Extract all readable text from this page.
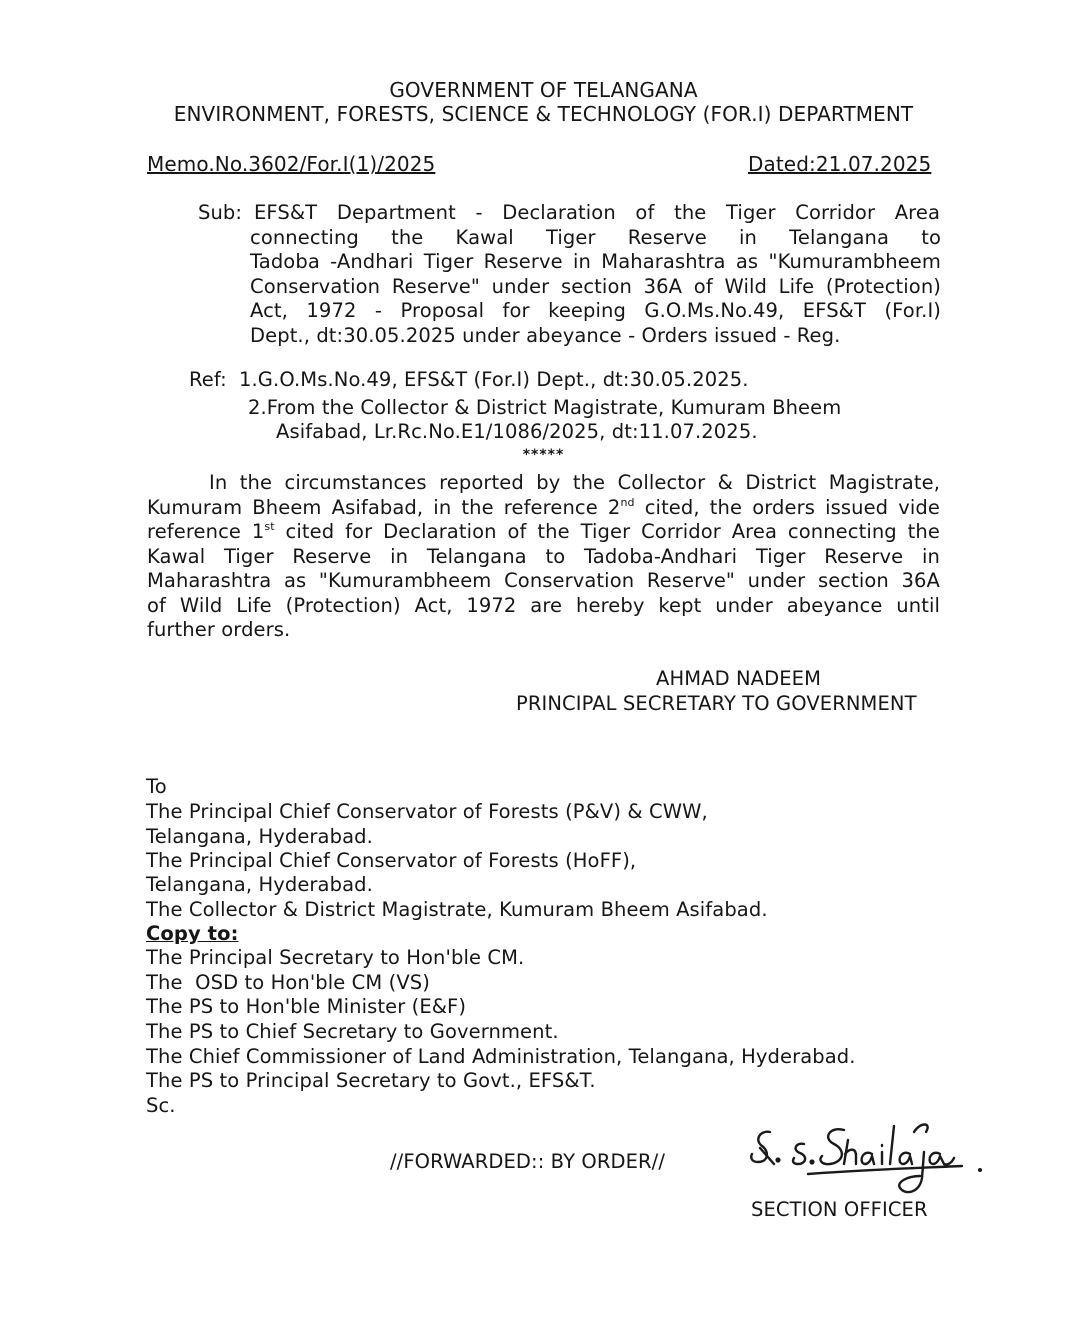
GOVERNMENT OF TELANGANA
ENVIRONMENT, FORESTS, SCIENCE & TECHNOLOGY (FOR.I) DEPARTMENT
Memo.No.3602/For.I(1)/2025	Dated:21.07.2025
Sub: EFS&T Department - Declaration of the Tiger Corridor Area
connecting the Kawal Tiger Reserve in Telangana to
Tadoba -Andhari Tiger Reserve in Maharashtra as "Kumurambheem
Conservation Reserve" under section 36A of Wild Life (Protection)
Act, 1972 - Proposal for keeping G.O.Ms.No.49, EFS&T (For.I)
Dept., dt:30.05.2025 under abeyance - Orders issued - Reg.
Ref: 1.G.O.Ms.No.49, EFS&T (For.I) Dept., dt:30.05.2025.
2.From the Collector & District Magistrate, Kumuram Bheem
Asifabad, Lr.Rc.No.E1/1086/2025, dt:11.07.2025.
*****
In the circumstances reported by the Collector & District Magistrate,
Kumuram Bheem Asifabad, in the reference 2nd cited, the orders issued vide
reference 1st cited for Declaration of the Tiger Corridor Area connecting the
Kawal Tiger Reserve in Telangana to Tadoba-Andhari Tiger Reserve in
Maharashtra as "Kumurambheem Conservation Reserve" under section 36A
of Wild Life (Protection) Act, 1972 are hereby kept under abeyance until
further orders.
AHMAD NADEEM
PRINCIPAL SECRETARY TO GOVERNMENT
To
The Principal Chief Conservator of Forests (P&V) & CWW,
Telangana, Hyderabad.
The Principal Chief Conservator of Forests (HoFF),
Telangana, Hyderabad.
The Collector & District Magistrate, Kumuram Bheem Asifabad.
Copy to:
The Principal Secretary to Hon'ble CM.
The  OSD to Hon'ble CM (VS)
The PS to Hon'ble Minister (E&F)
The PS to Chief Secretary to Government.
The Chief Commissioner of Land Administration, Telangana, Hyderabad.
The PS to Principal Secretary to Govt., EFS&T.
Sc.
//FORWARDED:: BY ORDER//
SECTION OFFICER
